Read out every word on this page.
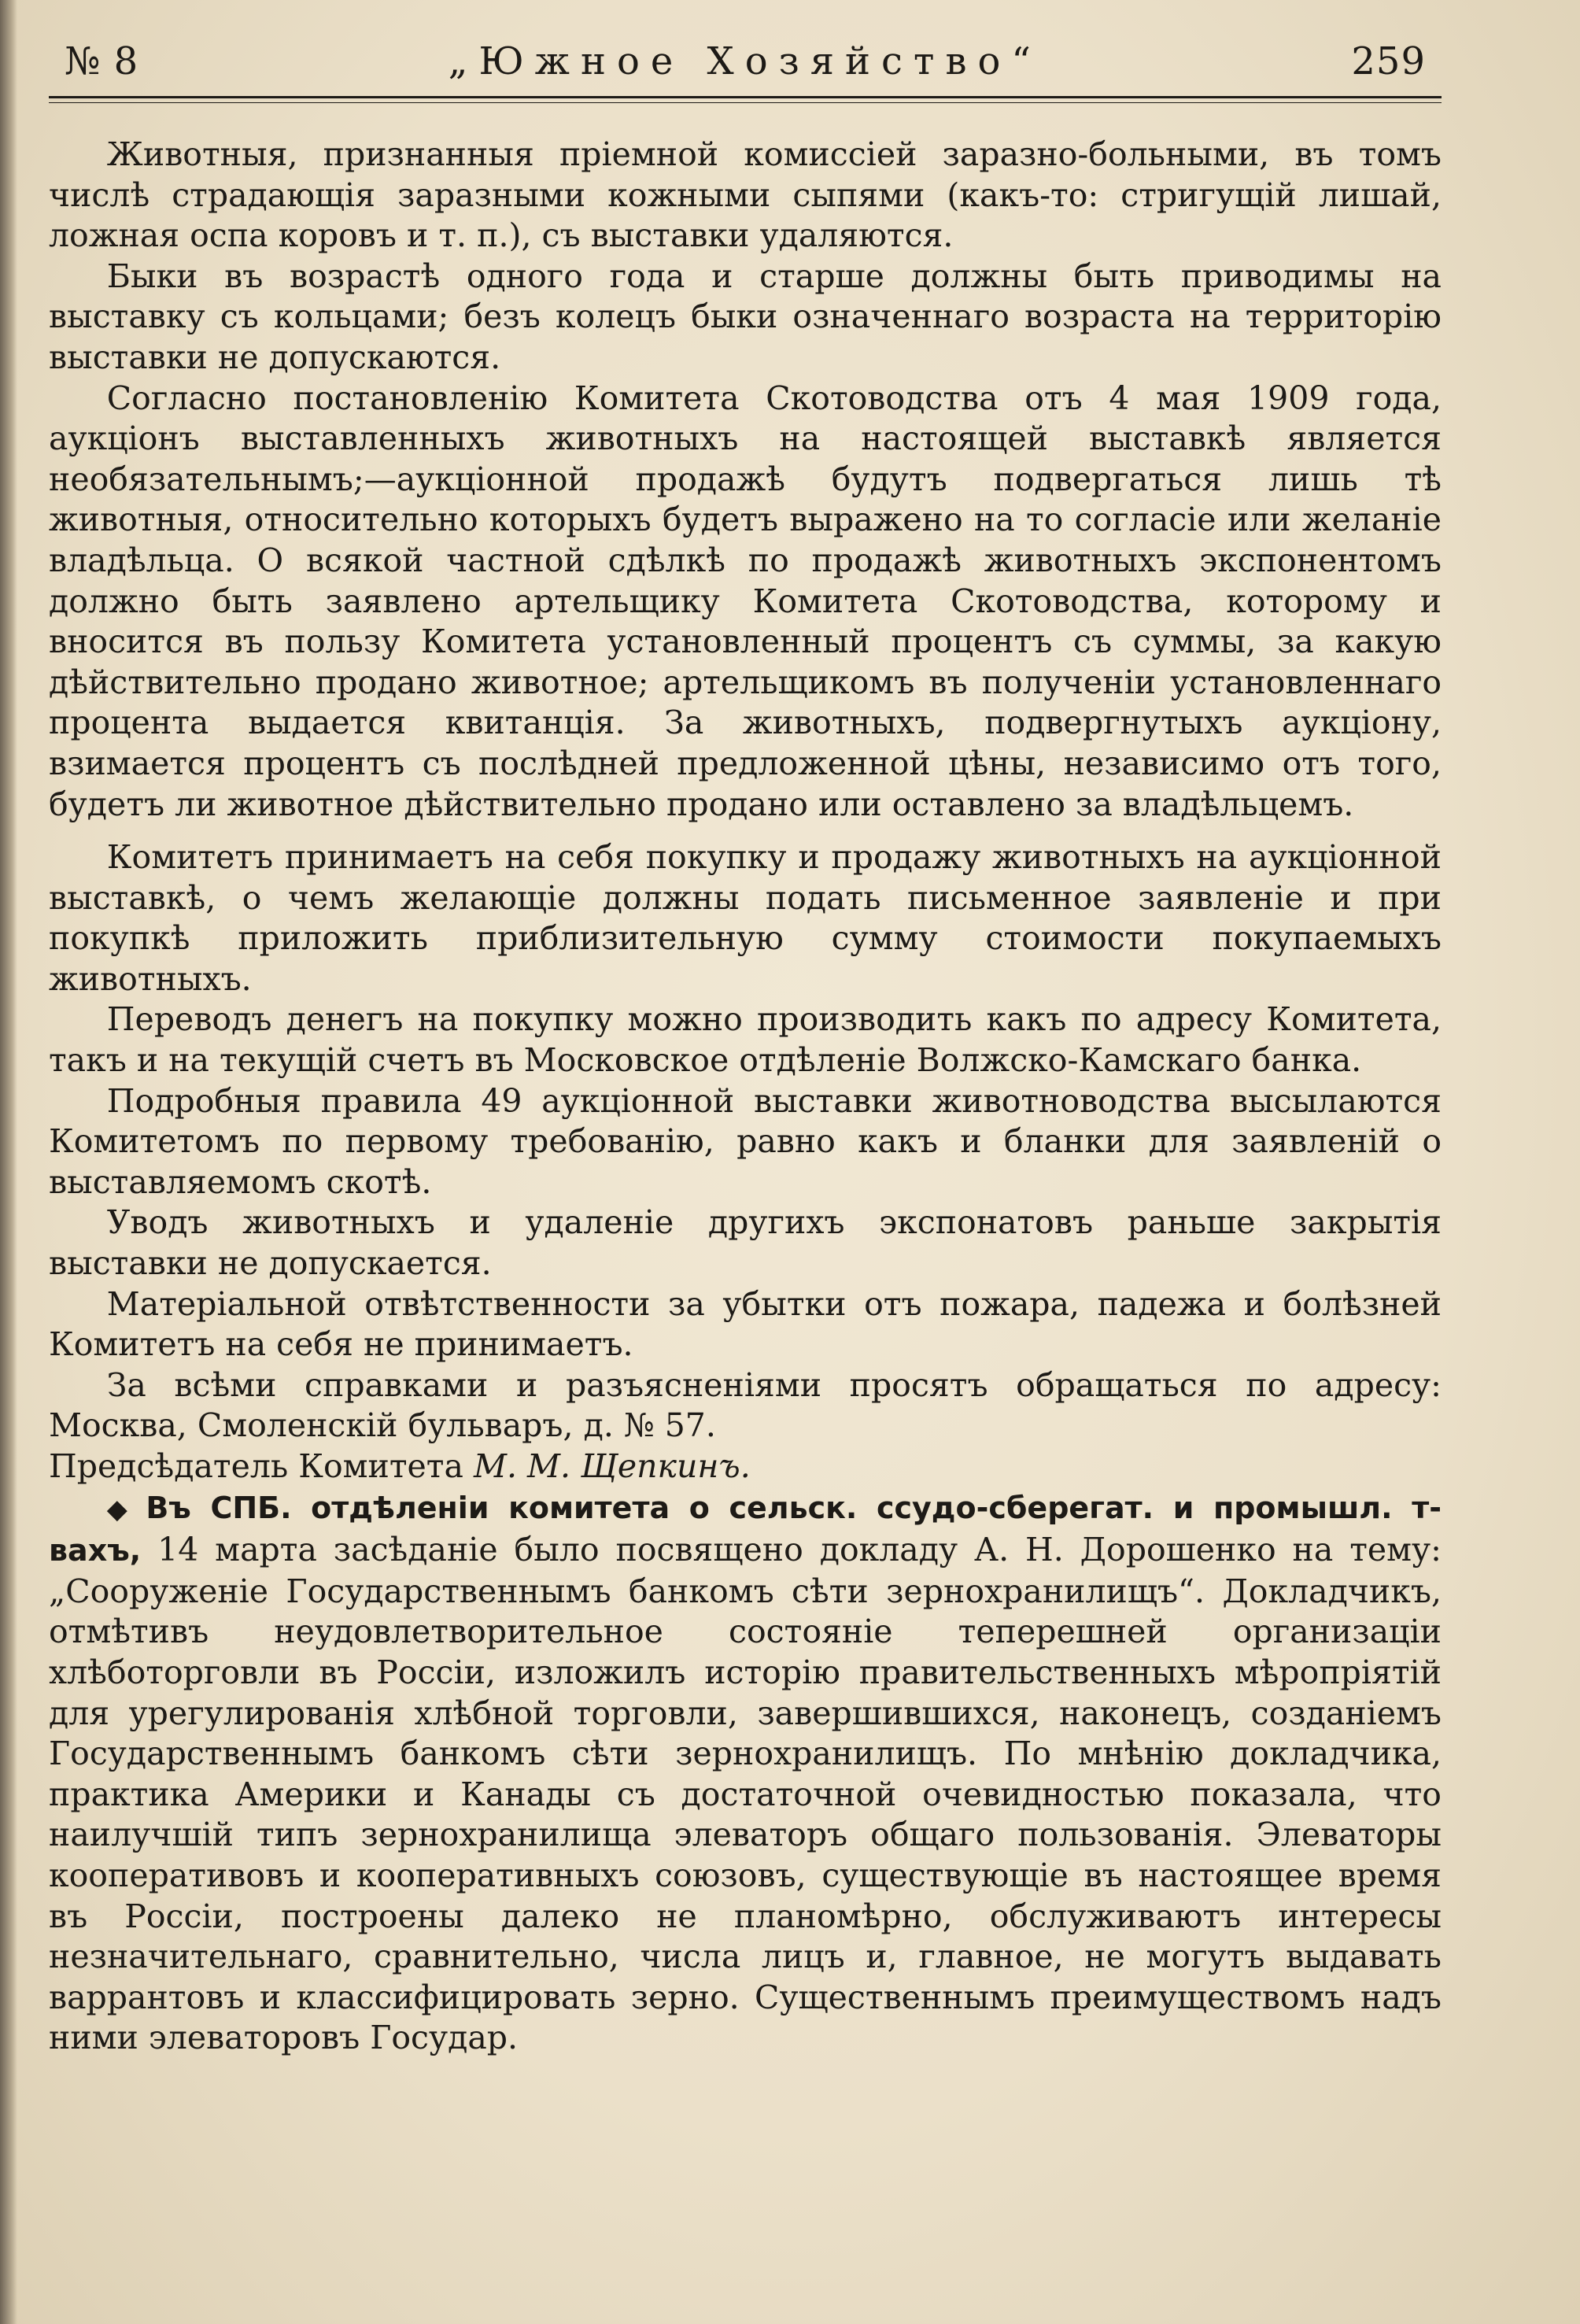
№ 8	„Южное Хозяйство“	259

Животныя, признанныя пріемной комиссіей заразно-больными, въ томъ числѣ страдающія заразными кожными сыпями (какъ-то: стригущій лишай, ложная оспа коровъ и т. п.), съ выставки удаляются.

Быки въ возрастѣ одного года и старше должны быть приводимы на выставку съ кольцами; безъ колецъ быки означеннаго возраста на территорію выставки не допускаются.

Согласно постановленію Комитета Скотоводства отъ 4 мая 1909 года, аукціонъ выставленныхъ животныхъ на настоящей выставкѣ является необязательнымъ;—аукціонной продажѣ будутъ подвергаться лишь тѣ животныя, относительно которыхъ будетъ выражено на то согласіе или желаніе владѣльца. О всякой частной сдѣлкѣ по продажѣ животныхъ экспонентомъ должно быть заявлено артельщику Комитета Скотоводства, которому и вносится въ пользу Комитета установленный процентъ съ суммы, за какую дѣйствительно продано животное; артельщикомъ въ полученіи установленнаго процента выдается квитанція. За животныхъ, подвергнутыхъ аукціону, взимается процентъ съ послѣдней предложенной цѣны, независимо отъ того, будетъ ли животное дѣйствительно продано или оставлено за владѣльцемъ.

Комитетъ принимаетъ на себя покупку и продажу животныхъ на аукціонной выставкѣ, о чемъ желающіе должны подать письменное заявленіе и при покупкѣ приложить приблизительную сумму стоимости покупаемыхъ животныхъ.

Переводъ денегъ на покупку можно производить какъ по адресу Комитета, такъ и на текущій счетъ въ Московское отдѣленіе Волжско-Камскаго банка.

Подробныя правила 49 аукціонной выставки животноводства высылаются Комитетомъ по первому требованію, равно какъ и бланки для заявленій о выставляемомъ скотѣ.

Уводъ животныхъ и удаленіе другихъ экспонатовъ раньше закрытія выставки не допускается.

Матеріальной отвѣтственности за убытки отъ пожара, падежа и болѣзней Комитетъ на себя не принимаетъ.

За всѣми справками и разъясненіями просятъ обращаться по адресу: Москва, Смоленскій бульваръ, д. № 57.

Предсѣдатель Комитета М. М. Щепкинъ.

◆ Въ СПБ. отдѣленіи комитета о сельск. ссудо-сберегат. и промышл. т-вахъ, 14 марта засѣданіе было посвящено докладу А. Н. Дорошенко на тему: „Сооруженіе Государственнымъ банкомъ сѣти зернохранилищъ“. Докладчикъ, отмѣтивъ неудовлетворительное состояніе теперешней организаціи хлѣботорговли въ Россіи, изложилъ исторію правительственныхъ мѣропріятій для урегулированія хлѣбной торговли, завершившихся, наконецъ, созданіемъ Государственнымъ банкомъ сѣти зернохранилищъ. По мнѣнію докладчика, практика Америки и Канады съ достаточной очевидностью показала, что наилучшій типъ зернохранилища элеваторъ общаго пользованія. Элеваторы кооперативовъ и кооперативныхъ союзовъ, существующіе въ настоящее время въ Россіи, построены далеко не планомѣрно, обслуживаютъ интересы незначительнаго, сравнительно, числа лицъ и, главное, не могутъ выдавать варрантовъ и классифицировать зерно. Существеннымъ преимуществомъ надъ ними элеваторовъ Государ.
